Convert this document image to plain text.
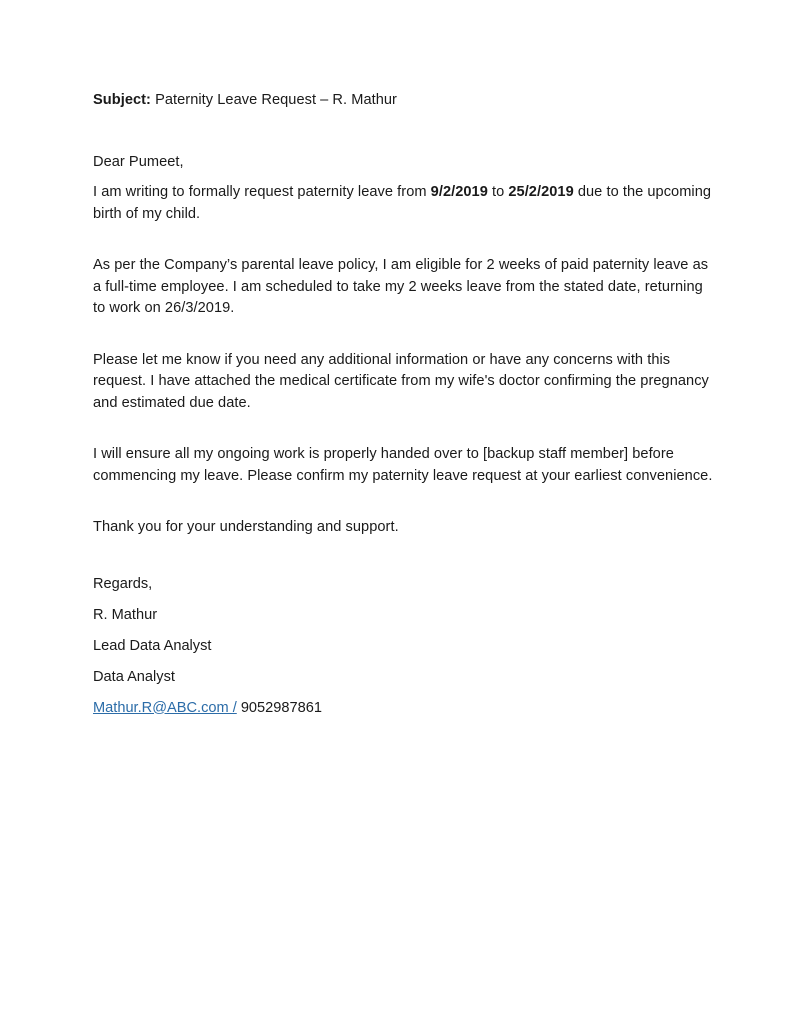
Subject: Paternity Leave Request – R. Mathur

Dear Pumeet,

I am writing to formally request paternity leave from 9/2/2019 to 25/2/2019 due to the upcoming birth of my child.

As per the Company’s parental leave policy, I am eligible for 2 weeks of paid paternity leave as a full-time employee. I am scheduled to take my 2 weeks leave from the stated date, returning to work on 26/3/2019.

Please let me know if you need any additional information or have any concerns with this request. I have attached the medical certificate from my wife's doctor confirming the pregnancy and estimated due date.

I will ensure all my ongoing work is properly handed over to [backup staff member] before commencing my leave. Please confirm my paternity leave request at your earliest convenience.

Thank you for your understanding and support.

Regards,

R. Mathur

Lead Data Analyst

Data Analyst

Mathur.R@ABC.com / 9052987861
